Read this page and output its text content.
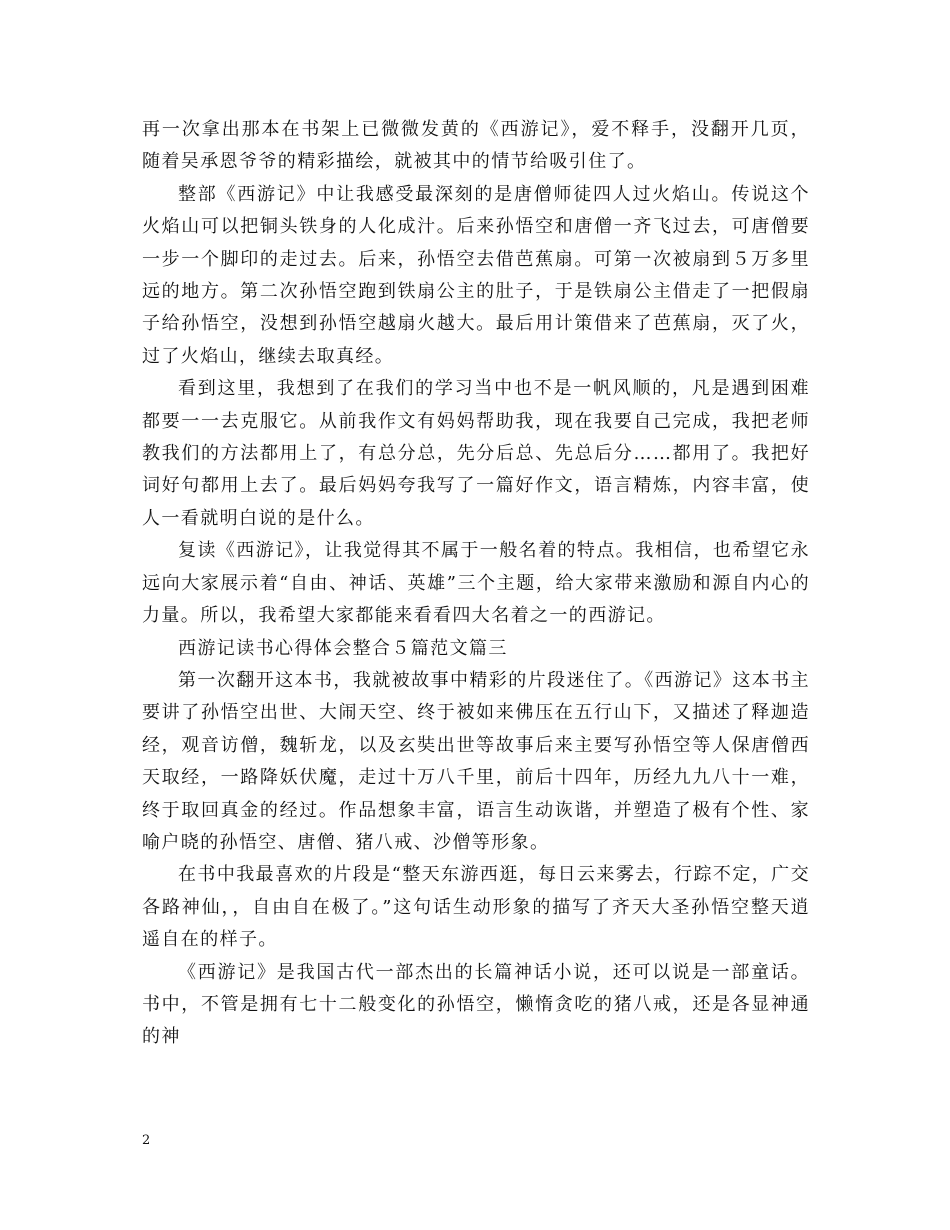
再一次拿出那本在书架上已微微发黄的《西游记》，爱不释手，没翻开几页，随着吴承恩爷爷的精彩描绘，就被其中的情节给吸引住了。

整部《西游记》中让我感受最深刻的是唐僧师徒四人过火焰山。传说这个火焰山可以把铜头铁身的人化成汁。后来孙悟空和唐僧一齐飞过去，可唐僧要一步一个脚印的走过去。后来，孙悟空去借芭蕉扇。可第一次被扇到５万多里远的地方。第二次孙悟空跑到铁扇公主的肚子，于是铁扇公主借走了一把假扇子给孙悟空，没想到孙悟空越扇火越大。最后用计策借来了芭蕉扇，灭了火，过了火焰山，继续去取真经。

看到这里，我想到了在我们的学习当中也不是一帆风顺的，凡是遇到困难都要一一去克服它。从前我作文有妈妈帮助我，现在我要自己完成，我把老师教我们的方法都用上了，有总分总，先分后总、先总后分……都用了。我把好词好句都用上去了。最后妈妈夸我写了一篇好作文，语言精炼，内容丰富，使人一看就明白说的是什么。

复读《西游记》，让我觉得其不属于一般名着的特点。我相信，也希望它永远向大家展示着“自由、神话、英雄”三个主题，给大家带来激励和源自内心的力量。所以，我希望大家都能来看看四大名着之一的西游记。

西游记读书心得体会整合５篇范文篇三

第一次翻开这本书，我就被故事中精彩的片段迷住了。《西游记》这本书主要讲了孙悟空出世、大闹天空、终于被如来佛压在五行山下，又描述了释迦造经，观音访僧，魏斩龙，以及玄奘出世等故事后来主要写孙悟空等人保唐僧西天取经，一路降妖伏魔，走过十万八千里，前后十四年，历经九九八十一难，终于取回真金的经过。作品想象丰富，语言生动诙谐，并塑造了极有个性、家喻户晓的孙悟空、唐僧、猪八戒、沙僧等形象。

在书中我最喜欢的片段是“整天东游西逛，每日云来雾去，行踪不定，广交各路神仙，，自由自在极了。”这句话生动形象的描写了齐天大圣孙悟空整天逍遥自在的样子。

《西游记》是我国古代一部杰出的长篇神话小说，还可以说是一部童话。书中，不管是拥有七十二般变化的孙悟空，懒惰贪吃的猪八戒，还是各显神通的神

2
